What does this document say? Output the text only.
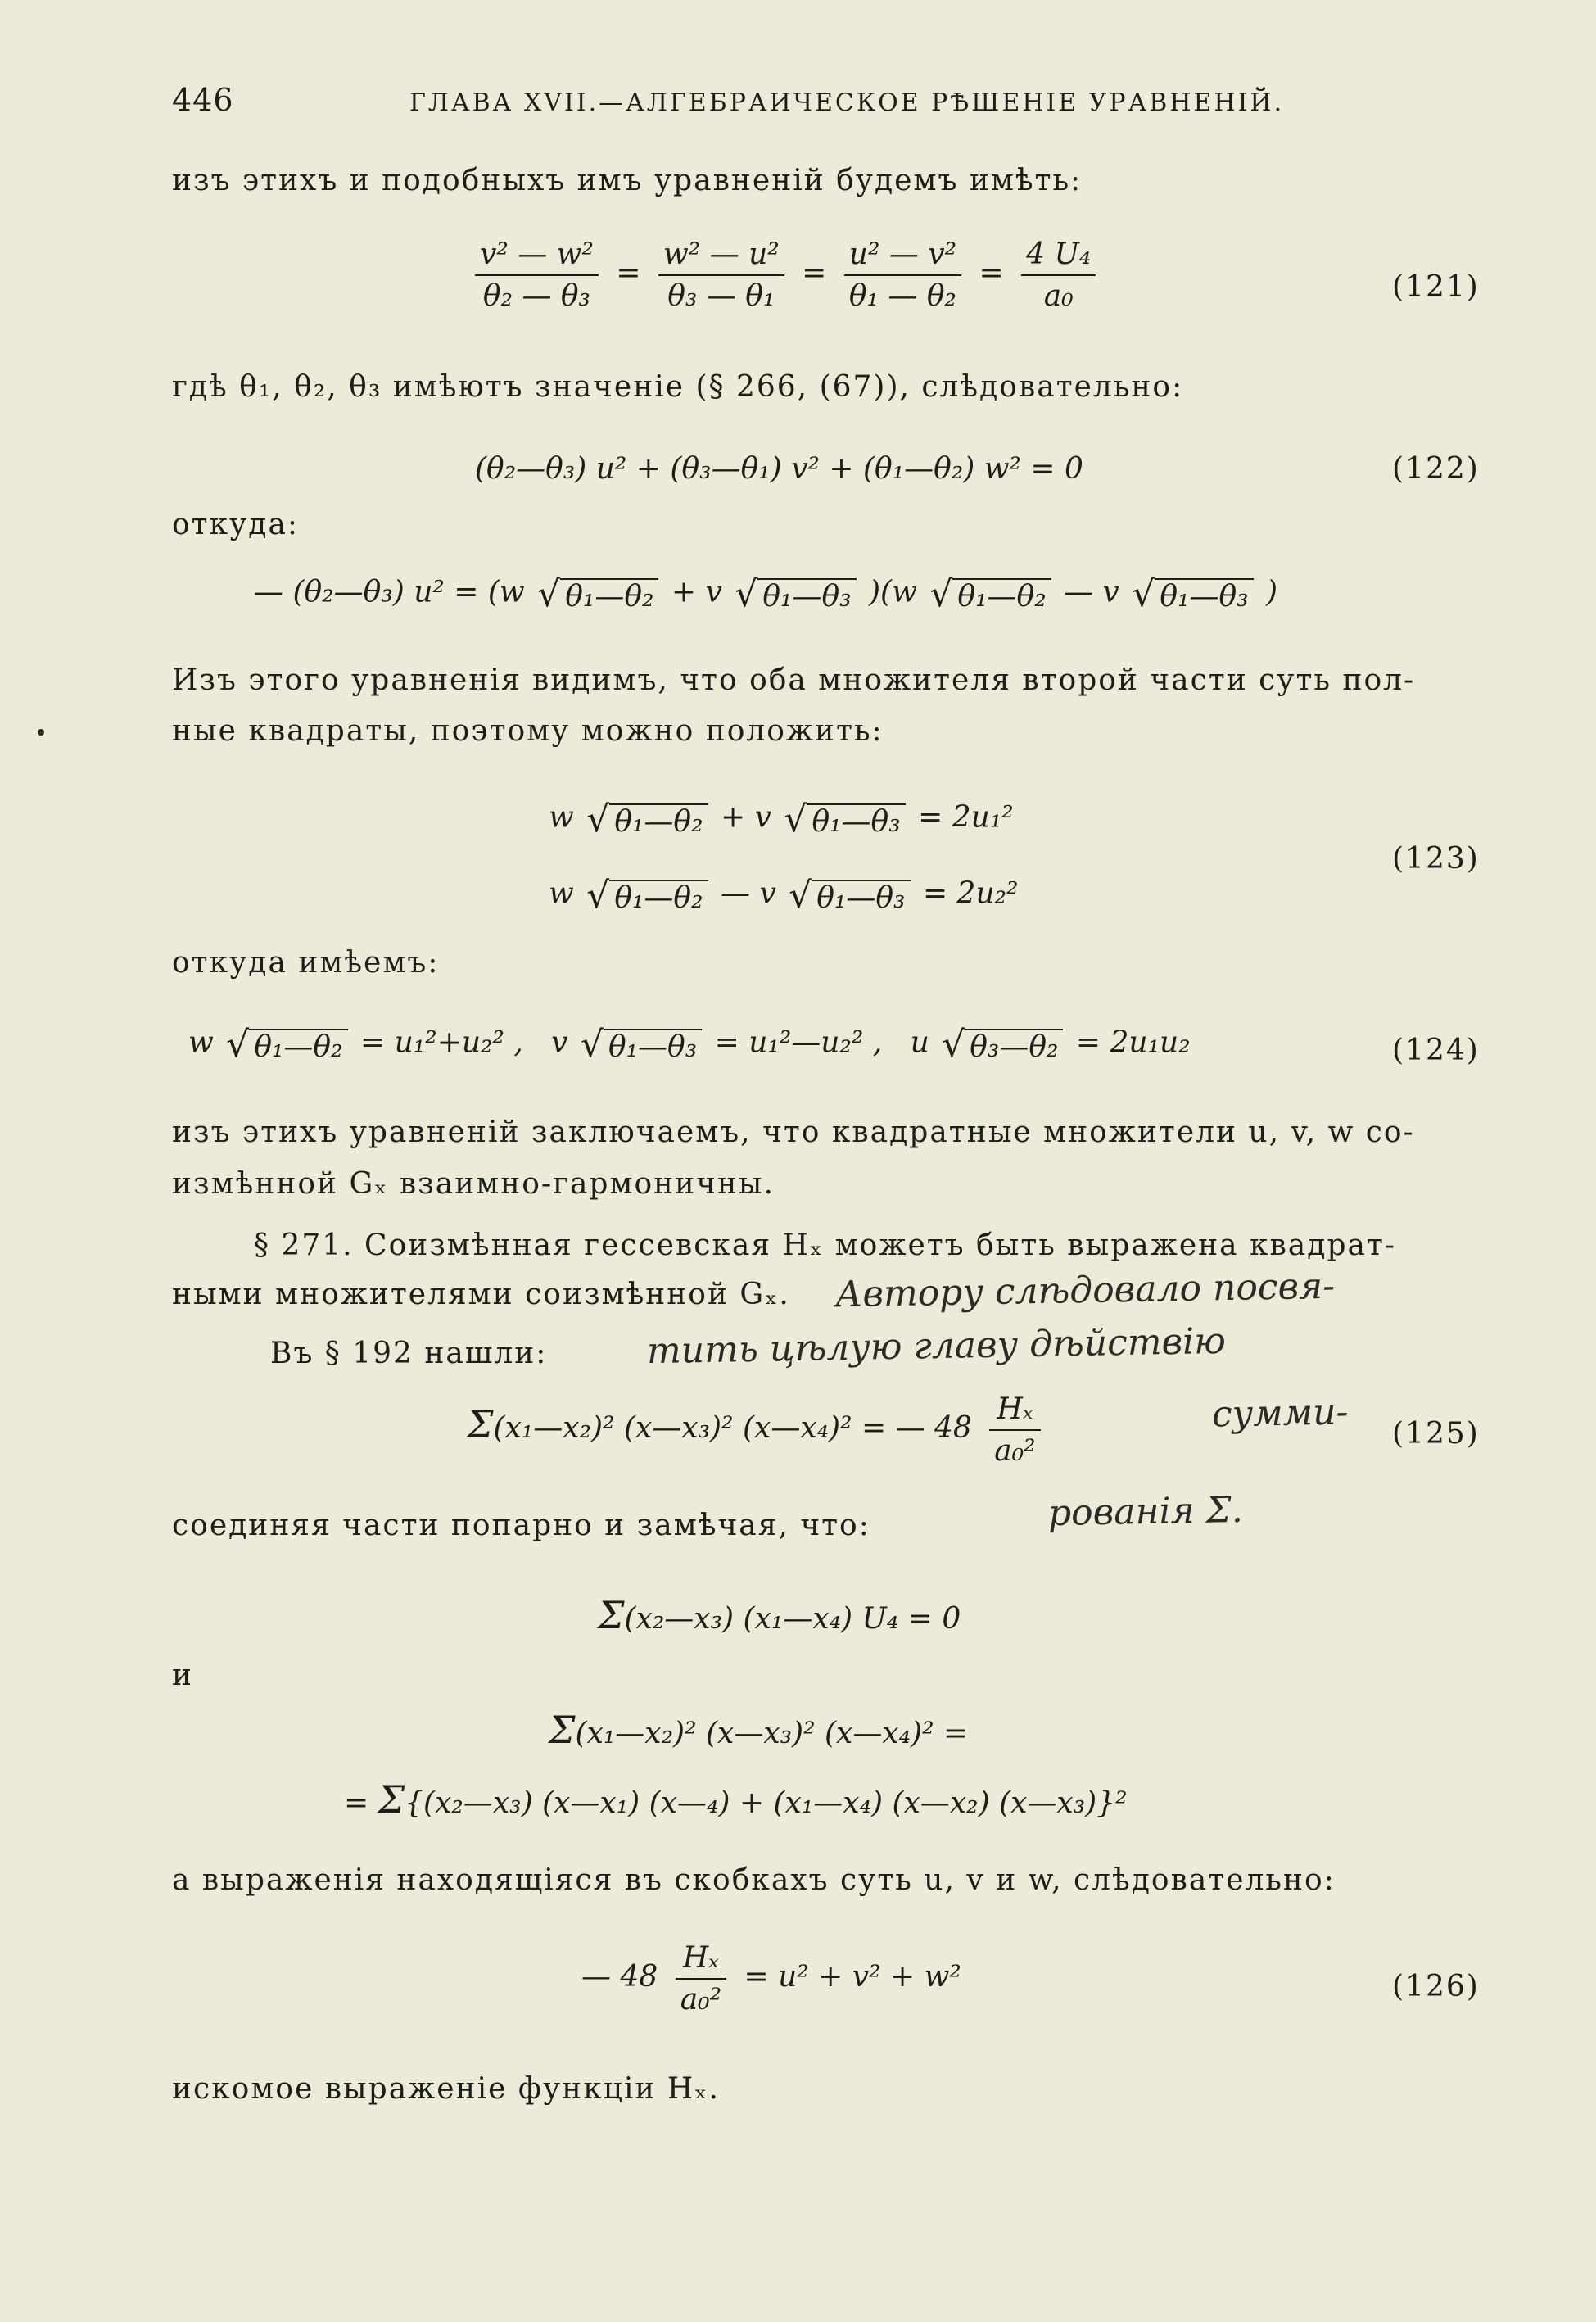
446	ГЛАВА XVII.—АЛГЕБРАИЧЕСКОЕ РѢШЕНІЕ УРАВНЕНІЙ.
изъ этихъ и подобныхъ имъ уравненій будемъ имѣть:
$\frac{\text{v² — w²}}{\text{θ₂ — θ₃}} = \frac{\text{w² — u²}}{\text{θ₃ — θ₁}} = \frac{\text{u² — v²}}{\text{θ₁ — θ₂}} = \frac{\text{4 U₄}}{\text{a₀}}$	(121)
гдѣ θ₁, θ₂, θ₃ имѣютъ значеніе (§ 266, (67)), слѣдовательно:
(θ₂—θ₃) u² + (θ₃—θ₁) v² + (θ₁—θ₂) w² = 0	(122)
откуда:
— (θ₂—θ₃) u² = (w √ θ₁—θ₂ + v √ θ₁—θ₃ )(w √ θ₁—θ₂ — v √ θ₁—θ₃ )
Изъ этого уравненія видимъ, что оба множителя второй части суть пол-
ные квадраты, поэтому можно положить:
w √ θ₁—θ₂ + v √ θ₁—θ₃ = 2u₁²
w √ θ₁—θ₂ — v √ θ₁—θ₃ = 2u₂²
(123)
откуда имѣемъ:
w √ θ₁—θ₂ = u₁²+u₂² , v √ θ₁—θ₃ = u₁²—u₂² , u √ θ₃—θ₂ = 2u₁u₂	(124)
изъ этихъ уравненій заключаемъ, что квадратные множители u, v, w со-
измѣнной Gₓ взаимно-гармоничны.
§ 271. Соизмѣнная гессевская Hₓ можетъ быть выражена квадрат-
ными множителями соизмѣнной Gₓ.
Въ § 192 нашли:
Σ(x₁—x₂)² (x—x₃)² (x—x₄)² = — $48 \frac{\text{Hₓ}}{\text{a₀²}}$	(125)
соединяя части попарно и замѣчая, что:
Σ(x₂—x₃) (x₁—x₄) U₄ = 0
и
Σ(x₁—x₂)² (x—x₃)² (x—x₄)² =
= Σ{(x₂—x₃) (x—x₁) (x—₄) + (x₁—x₄) (x—x₂) (x—x₃)}²
а выраженія находящіяся въ скобкахъ суть u, v и w, слѣдовательно:
— $48 \frac{\text{Hₓ}}{\text{a₀²}} = u^2 + v^2 + w^2$	(126)
искомое выраженіе функціи Hₓ.
Автору слѣдовало посвя-
тить цѣлую главу дѣйствію
сумми-
рованія Σ.
